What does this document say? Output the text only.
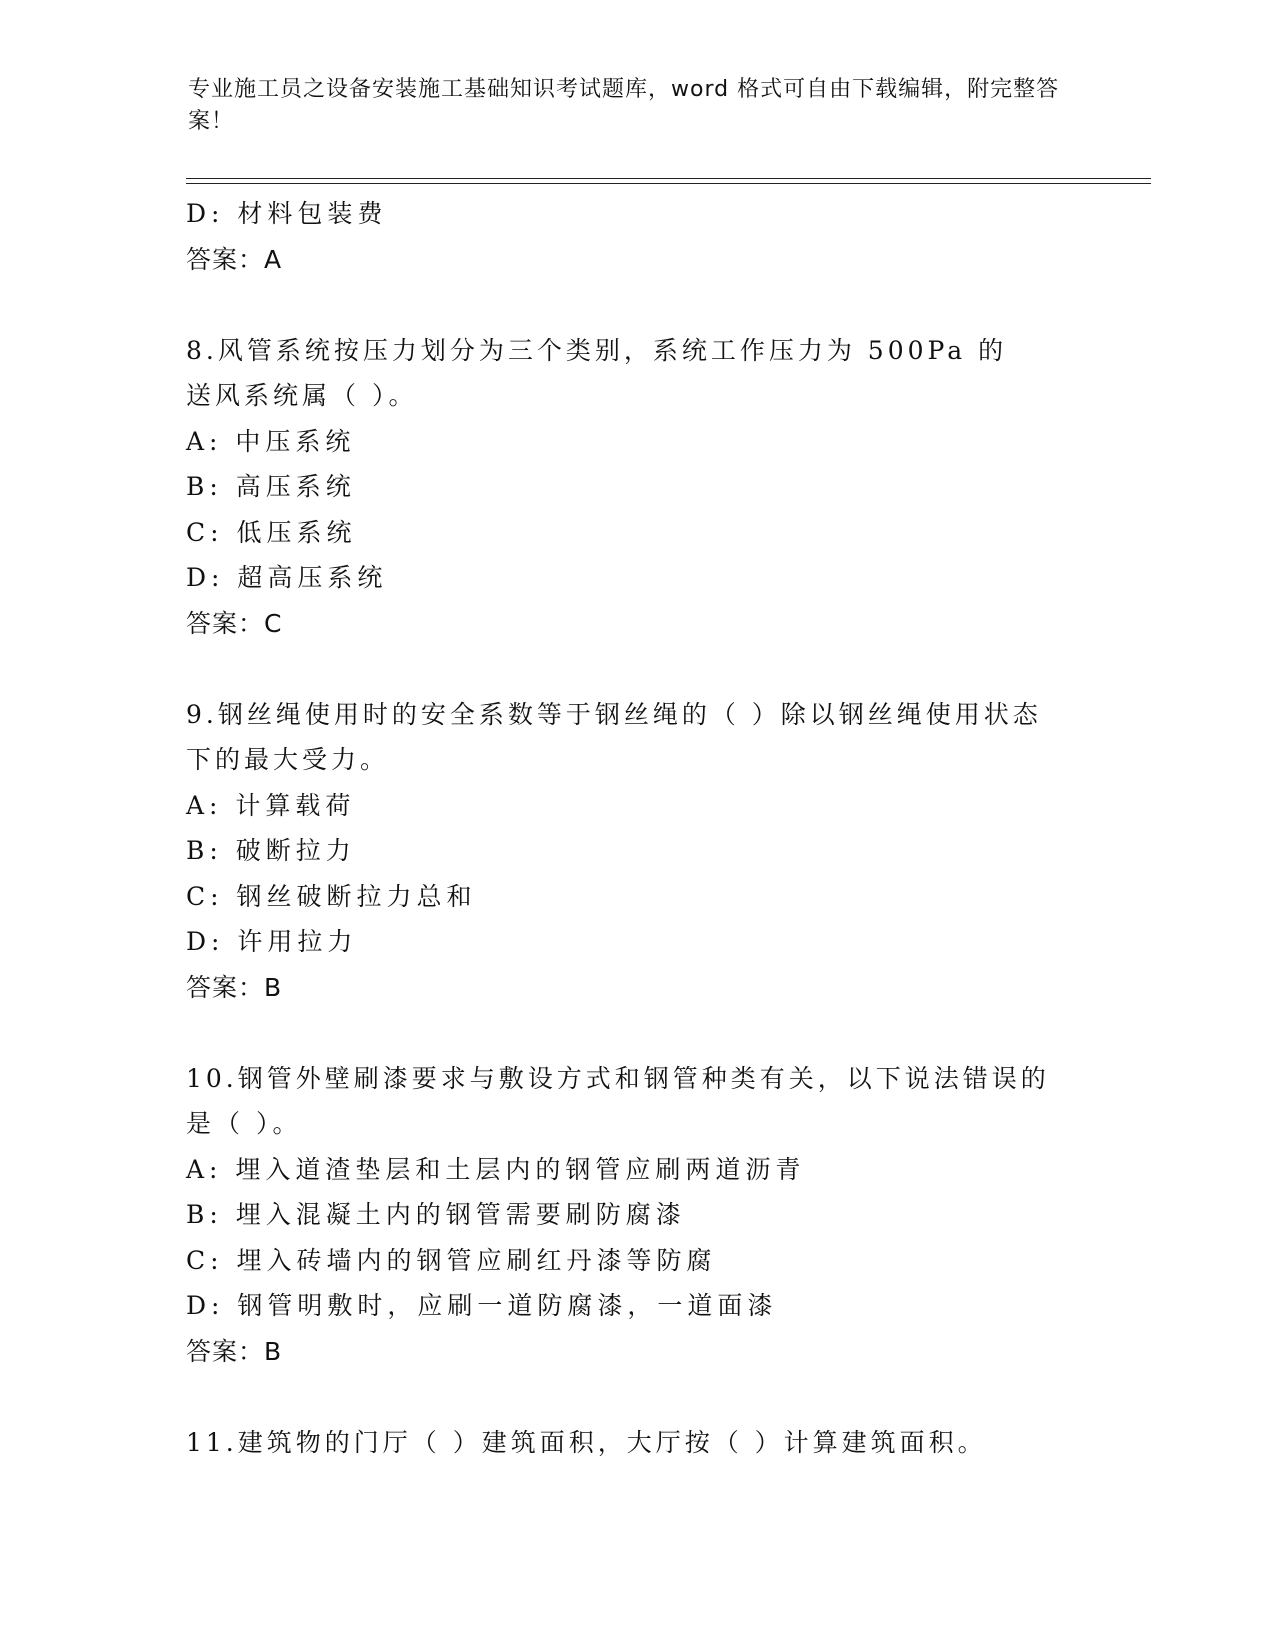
专业施工员之设备安装施工基础知识考试题库，word 格式可自由下载编辑，附完整答案！
D: 材料包装费
答案：A
8.风管系统按压力划分为三个类别，系统工作压力为 500Pa 的送风系统属（ ）。
A: 中压系统
B: 高压系统
C: 低压系统
D: 超高压系统
答案：C
9.钢丝绳使用时的安全系数等于钢丝绳的（ ）除以钢丝绳使用状态下的最大受力。
A: 计算载荷
B: 破断拉力
C: 钢丝破断拉力总和
D: 许用拉力
答案：B
10.钢管外壁刷漆要求与敷设方式和钢管种类有关，以下说法错误的是（ ）。
A: 埋入道渣垫层和土层内的钢管应刷两道沥青
B: 埋入混凝土内的钢管需要刷防腐漆
C: 埋入砖墙内的钢管应刷红丹漆等防腐
D: 钢管明敷时，应刷一道防腐漆，一道面漆
答案：B
11.建筑物的门厅（ ）建筑面积，大厅按（ ）计算建筑面积。
